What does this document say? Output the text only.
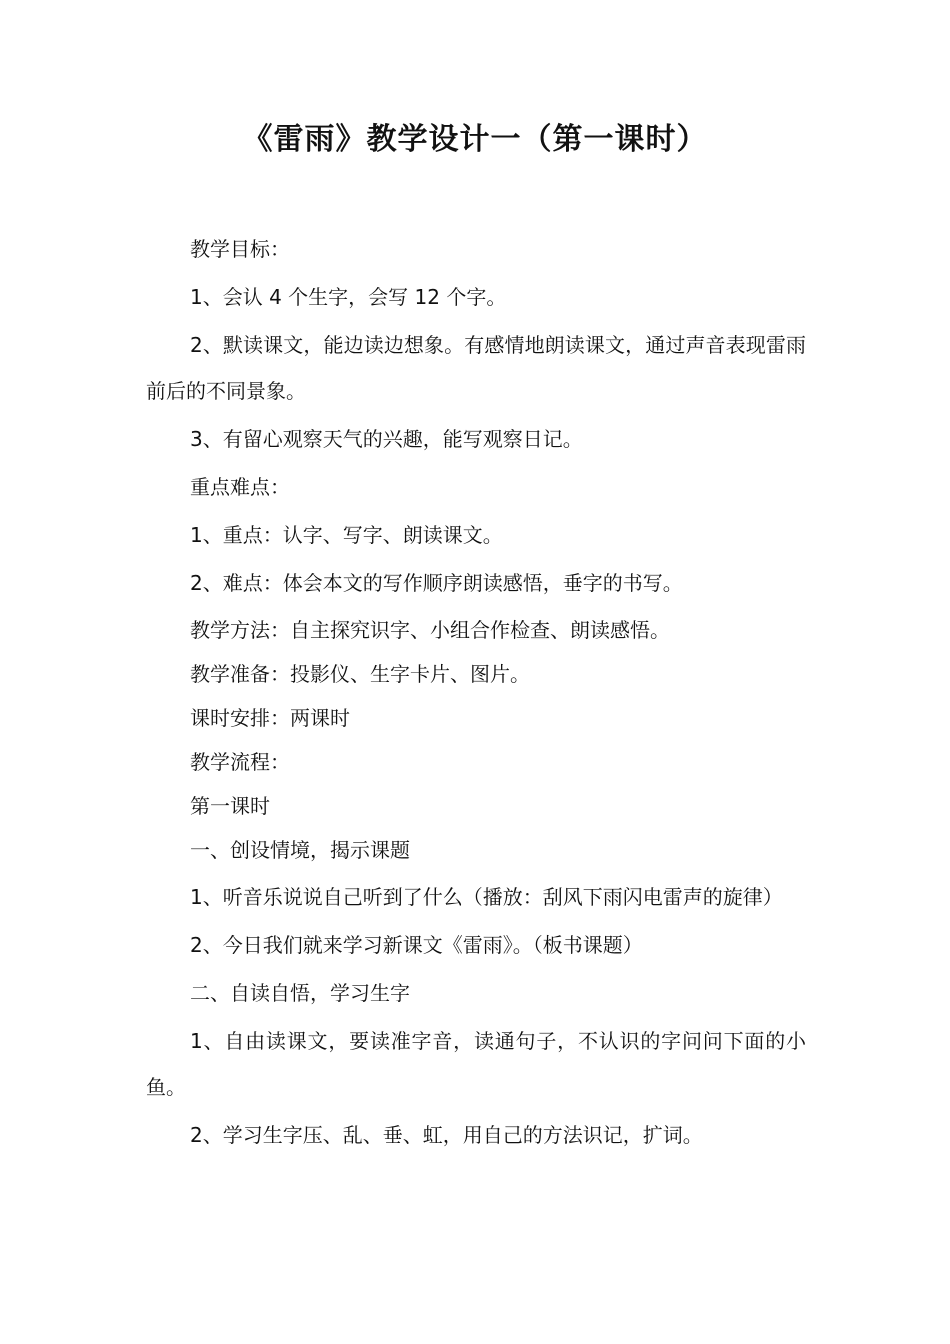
《雷雨》教学设计一（第一课时）

教学目标：

1、会认 4 个生字，会写 12 个字。

2、默读课文，能边读边想象。有感情地朗读课文，通过声音表现雷雨前后的不同景象。

3、有留心观察天气的兴趣，能写观察日记。

重点难点：

1、重点：认字、写字、朗读课文。

2、难点：体会本文的写作顺序朗读感悟，垂字的书写。

教学方法：自主探究识字、小组合作检查、朗读感悟。

教学准备：投影仪、生字卡片、图片。

课时安排：两课时

教学流程：

第一课时

一、创设情境，揭示课题

1、听音乐说说自己听到了什么（播放：刮风下雨闪电雷声的旋律）

2、今日我们就来学习新课文《雷雨》。（板书课题）

二、自读自悟，学习生字

1、自由读课文，要读准字音，读通句子，不认识的字问问下面的小鱼。

2、学习生字压、乱、垂、虹，用自己的方法识记，扩词。
